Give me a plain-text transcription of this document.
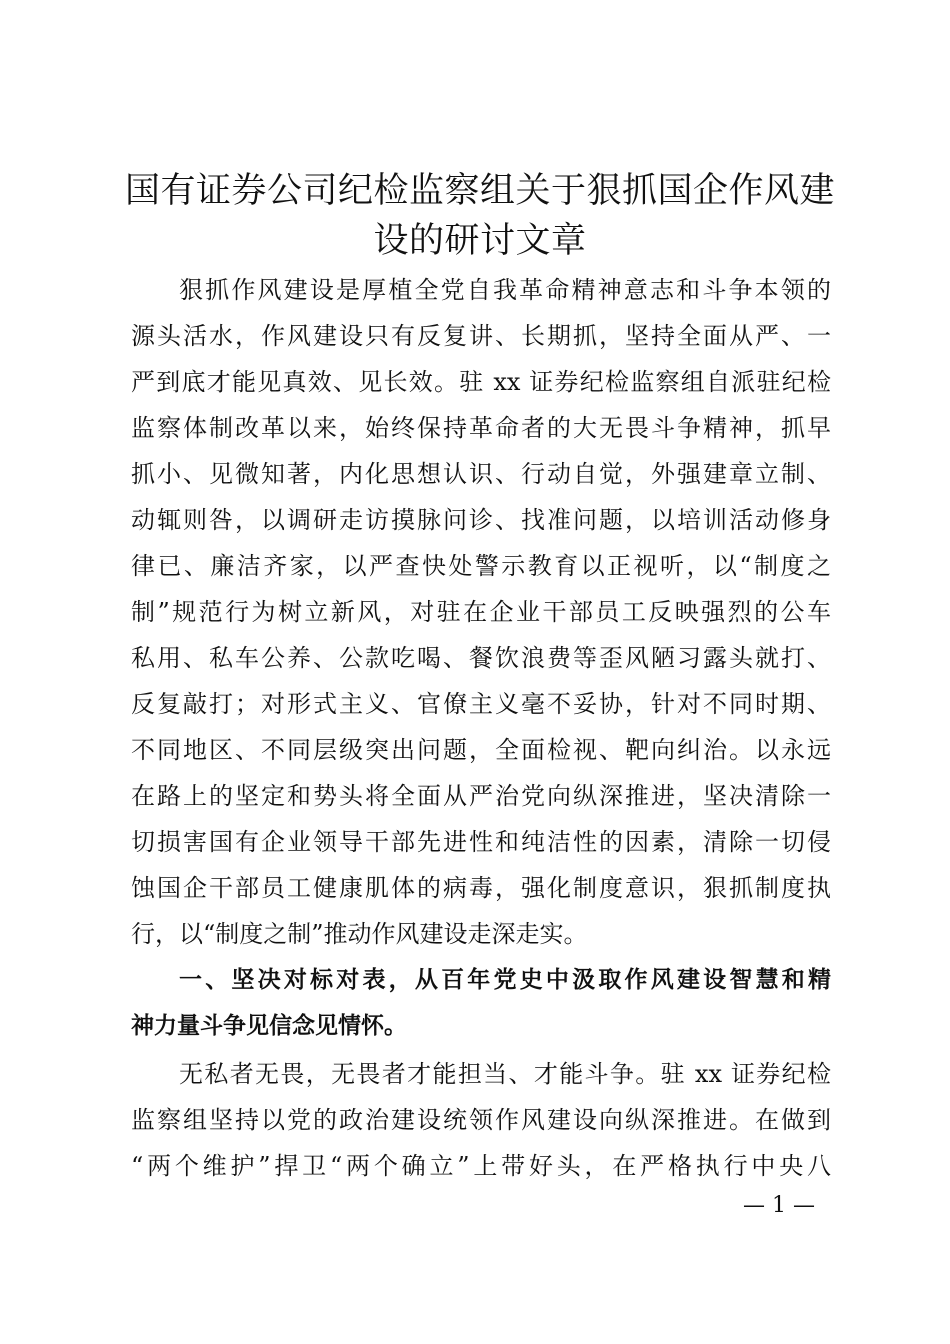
国有证券公司纪检监察组关于狠抓国企作风建
设的研讨文章
狠抓作风建设是厚植全党自我革命精神意志和斗争本领的
源头活水，作风建设只有反复讲、长期抓，坚持全面从严、一
严到底才能见真效、见长效。驻 xx 证券纪检监察组自派驻纪检
监察体制改革以来，始终保持革命者的大无畏斗争精神，抓早
抓小、见微知著，内化思想认识、行动自觉，外强建章立制、
动辄则咎，以调研走访摸脉问诊、找准问题，以培训活动修身
律已、廉洁齐家，以严查快处警示教育以正视听，以“制度之
制”规范行为树立新风，对驻在企业干部员工反映强烈的公车
私用、私车公养、公款吃喝、餐饮浪费等歪风陋习露头就打、
反复敲打；对形式主义、官僚主义毫不妥协，针对不同时期、
不同地区、不同层级突出问题，全面检视、靶向纠治。以永远
在路上的坚定和势头将全面从严治党向纵深推进，坚决清除一
切损害国有企业领导干部先进性和纯洁性的因素，清除一切侵
蚀国企干部员工健康肌体的病毒，强化制度意识，狠抓制度执
行，以“制度之制”推动作风建设走深走实。
一、坚决对标对表，从百年党史中汲取作风建设智慧和精
神力量斗争见信念见情怀。
无私者无畏，无畏者才能担当、才能斗争。驻 xx 证券纪检
监察组坚持以党的政治建设统领作风建设向纵深推进。在做到
“两个维护”捍卫“两个确立”上带好头，在严格执行中央八
— 1 —
